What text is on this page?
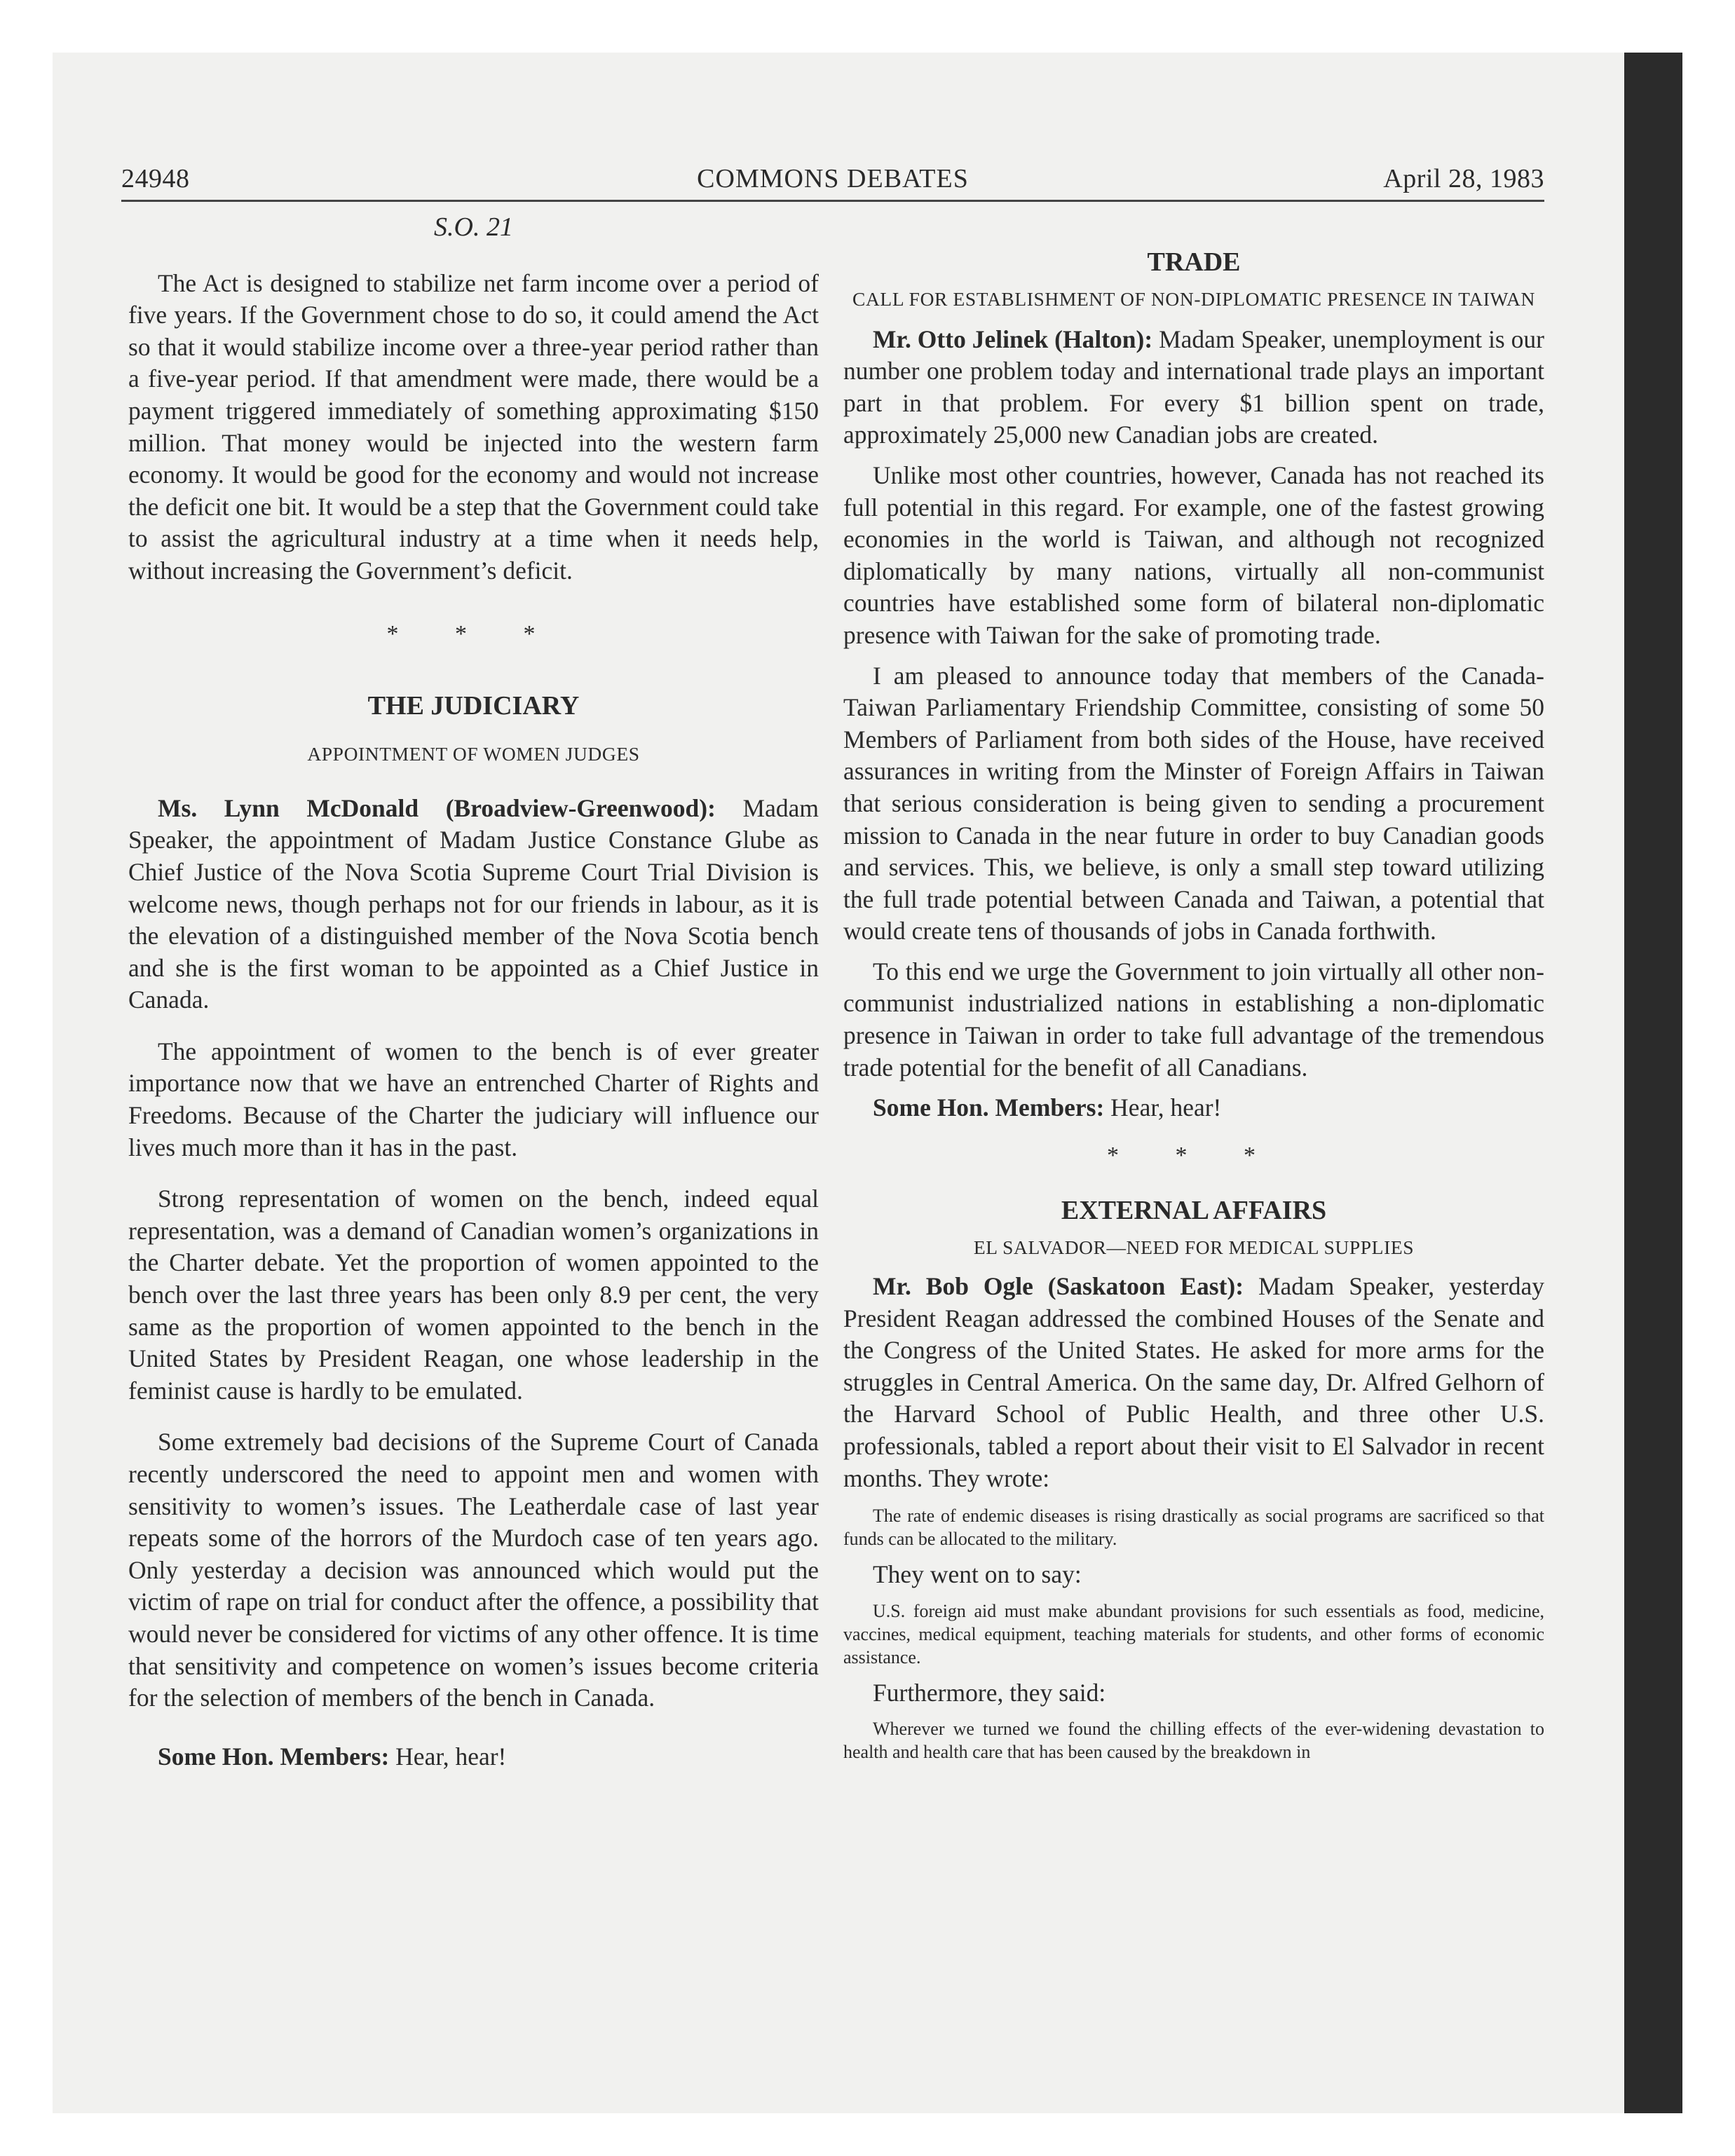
24948	COMMONS DEBATES	April 28, 1983

S.O. 21

The Act is designed to stabilize net farm income over a period of five years. If the Government chose to do so, it could amend the Act so that it would stabilize income over a three-year period rather than a five-year period. If that amendment were made, there would be a payment triggered immediately of something approximating $150 million. That money would be injected into the western farm economy. It would be good for the economy and would not increase the deficit one bit. It would be a step that the Government could take to assist the agricultural industry at a time when it needs help, without increasing the Government’s deficit.

* * *

THE JUDICIARY

APPOINTMENT OF WOMEN JUDGES

Ms. Lynn McDonald (Broadview-Greenwood): Madam Speaker, the appointment of Madam Justice Constance Glube as Chief Justice of the Nova Scotia Supreme Court Trial Division is welcome news, though perhaps not for our friends in labour, as it is the elevation of a distinguished member of the Nova Scotia bench and she is the first woman to be appointed as a Chief Justice in Canada.

The appointment of women to the bench is of ever greater importance now that we have an entrenched Charter of Rights and Freedoms. Because of the Charter the judiciary will influence our lives much more than it has in the past.

Strong representation of women on the bench, indeed equal representation, was a demand of Canadian women’s organizations in the Charter debate. Yet the proportion of women appointed to the bench over the last three years has been only 8.9 per cent, the very same as the proportion of women appointed to the bench in the United States by President Reagan, one whose leadership in the feminist cause is hardly to be emulated.

Some extremely bad decisions of the Supreme Court of Canada recently underscored the need to appoint men and women with sensitivity to women’s issues. The Leatherdale case of last year repeats some of the horrors of the Murdoch case of ten years ago. Only yesterday a decision was announced which would put the victim of rape on trial for conduct after the offence, a possibility that would never be considered for victims of any other offence. It is time that sensitivity and competence on women’s issues become criteria for the selection of members of the bench in Canada.

Some Hon. Members: Hear, hear!

TRADE

CALL FOR ESTABLISHMENT OF NON-DIPLOMATIC PRESENCE IN TAIWAN

Mr. Otto Jelinek (Halton): Madam Speaker, unemployment is our number one problem today and international trade plays an important part in that problem. For every $1 billion spent on trade, approximately 25,000 new Canadian jobs are created.

Unlike most other countries, however, Canada has not reached its full potential in this regard. For example, one of the fastest growing economies in the world is Taiwan, and although not recognized diplomatically by many nations, virtually all non-communist countries have established some form of bilateral non-diplomatic presence with Taiwan for the sake of promoting trade.

I am pleased to announce today that members of the Canada-Taiwan Parliamentary Friendship Committee, consisting of some 50 Members of Parliament from both sides of the House, have received assurances in writing from the Minster of Foreign Affairs in Taiwan that serious consideration is being given to sending a procurement mission to Canada in the near future in order to buy Canadian goods and services. This, we believe, is only a small step toward utilizing the full trade potential between Canada and Taiwan, a potential that would create tens of thousands of jobs in Canada forthwith.

To this end we urge the Government to join virtually all other non-communist industrialized nations in establishing a non-diplomatic presence in Taiwan in order to take full advantage of the tremendous trade potential for the benefit of all Canadians.

Some Hon. Members: Hear, hear!

* * *

EXTERNAL AFFAIRS

EL SALVADOR—NEED FOR MEDICAL SUPPLIES

Mr. Bob Ogle (Saskatoon East): Madam Speaker, yesterday President Reagan addressed the combined Houses of the Senate and the Congress of the United States. He asked for more arms for the struggles in Central America. On the same day, Dr. Alfred Gelhorn of the Harvard School of Public Health, and three other U.S. professionals, tabled a report about their visit to El Salvador in recent months. They wrote:

The rate of endemic diseases is rising drastically as social programs are sacrificed so that funds can be allocated to the military.

They went on to say:

U.S. foreign aid must make abundant provisions for such essentials as food, medicine, vaccines, medical equipment, teaching materials for students, and other forms of economic assistance.

Furthermore, they said:

Wherever we turned we found the chilling effects of the ever-widening devastation to health and health care that has been caused by the breakdown in
